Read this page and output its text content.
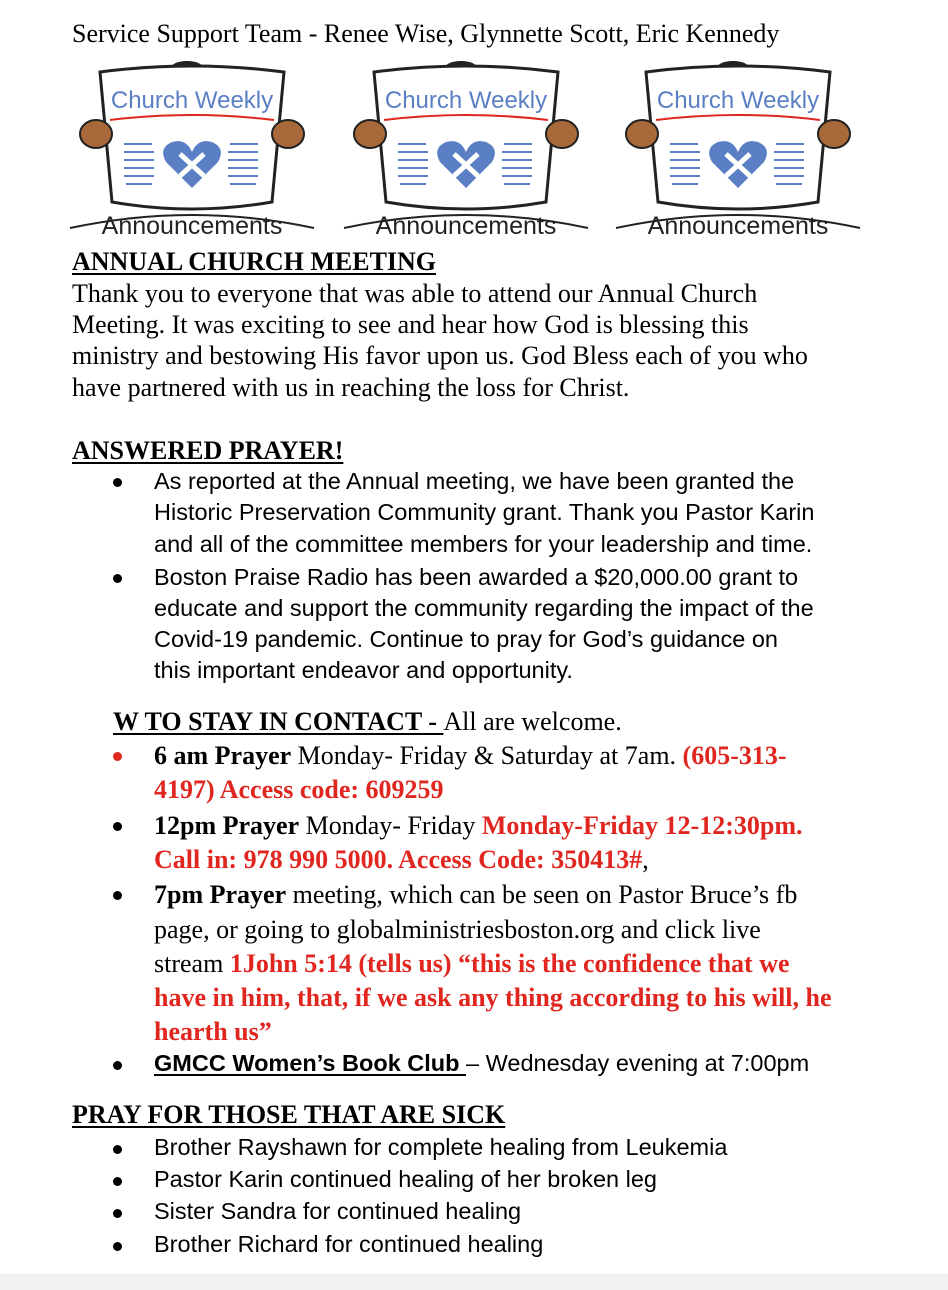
Service Support Team - Renee Wise, Glynnette Scott, Eric Kennedy
Church Weekly
Announcements
Church Weekly
Announcements
Church Weekly
Announcements
ANNUAL CHURCH MEETING
Thank you to everyone that was able to attend our Annual Church
Meeting. It was exciting to see and hear how God is blessing this
ministry and bestowing His favor upon us. God Bless each of you who
have partnered with us in reaching the loss for Christ.
ANSWERED PRAYER!
As reported at the Annual meeting, we have been granted the
Historic Preservation Community grant. Thank you Pastor Karin
and all of the committee members for your leadership and time.
Boston Praise Radio has been awarded a $20,000.00 grant to
educate and support the community regarding the impact of the
Covid-19 pandemic. Continue to pray for God’s guidance on
this important endeavor and opportunity.
W TO STAY IN CONTACT - All are welcome.
6 am Prayer Monday- Friday & Saturday at 7am. (605-313-
4197) Access code: 609259
12pm Prayer Monday- Friday Monday-Friday 12-12:30pm.
Call in: 978 990 5000. Access Code: 350413#,
7pm Prayer meeting, which can be seen on Pastor Bruce’s fb
page, or going to globalministriesboston.org and click live
stream 1John 5:14 (tells us) “this is the confidence that we
have in him, that, if we ask any thing according to his will, he
hearth us”
GMCC Women’s Book Club – Wednesday evening at 7:00pm
PRAY FOR THOSE THAT ARE SICK
Brother Rayshawn for complete healing from Leukemia
Pastor Karin continued healing of her broken leg
Sister Sandra for continued healing
Brother Richard for continued healing
